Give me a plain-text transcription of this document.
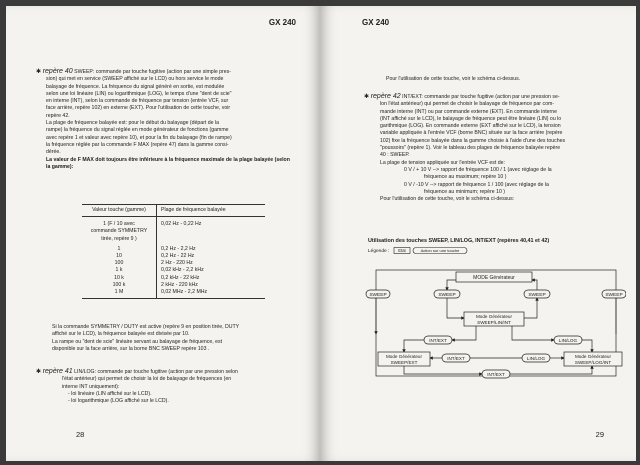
GX 240

✱ repère 40 SWEEP: commande par touche fugitive (action par une simple pres-

sion) qui met en service (SWEEP affiché sur le LCD) ou hors service le mode

balayage de fréquence. La fréquence du signal généré en sortie, est modulée

selon une loi linéaire (LIN) ou logarithmique (LOG), le temps d'une "dent de scie"

en interne (INT), selon la commande de fréquence par tension (entrée VCF, sur

face arrière, repère 102) en externe (EXT). Pour l'utilisation de cette touche, voir

repère 42.

La plage de fréquence balayée est: pour le début du balayage (départ de la

rampe) la fréquence du signal réglée en mode générateur de fonctions (gamme

avec repère 1 et valeur avec repère 10), et pour la fin du balayage (fin de rampe)

la fréquence réglée par la commande F MAX (repère 47) dans la gamme consi-

dérée.

La valeur de F MAX doit toujours être inférieure à la fréquence maximale de la plage balayée (selon la gamme):

Valeur touche (gamme)	Plage de fréquence balayée
1 (F / 10 avec	0,02 Hz - 0,22 Hz
commande SYMMETRY	
tirée, repère 9 )	
1	0,2 Hz - 2,2 Hz
10	0,2 Hz - 22 Hz
100	2 Hz - 220 Hz
1 k	0,02 kHz - 2,2 kHz
10 k	0,2 kHz - 22 kHz
100 k	2 kHz - 220 kHz
1 M	0,02 MHz - 2,2 MHz

Si la commande SYMMETRY / DUTY est active (repère 9 en position tirée, DUTY

affiché sur le LCD), la fréquence balayée est divisée par 10.

La rampe ou "dent de scie" linéaire servant au balayage de fréquence, est

disponible sur la face arrière, sur la borne BNC SWEEP repère 103 .

✱ repère 41 LIN/LOG: commande par touche fugitive (action par une pression selon

l'état antérieur) qui permet de choisir la loi de balayage de fréquences (en

interne INT uniquement):

- loi linéaire (LIN affiché sur le LCD).

- loi logarithmique (LOG affiché sur le LCD).

28
GX 240
Pour l'utilisation de cette touche, voir le schéma ci-dessus.

✱ repère 42 INT/EXT: commande par touche fugitive (action par une pression se-

lon l'état antérieur) qui permet de choisir le balayage de fréquence par com-

mande interne (INT) ou par commande externe (EXT). En commande interne

(INT affiché sur le LCD), le balayage de fréquence peut être linéaire (LIN) ou lo

garithmique (LOG). En commande externe (EXT affiché sur le LCD), la tension

variable appliquée à l'entrée VCF (borne BNC) située sur la face arrière (repère

102) fixe la fréquence balayée dans la gamme choisie à l'aide d'une des touches

"poussoirs" (repère 1). Voir le tableau des plages de fréquence balayée repère

40 : SWEEP.

La plage de tension appliquée sur l'entrée VCF est de:

0 V / + 10 V --> rapport de fréquence 100 / 1 (avec réglage de la

fréquence au maximum; repère 10 )

0 V / -10 V --> rapport de fréquence 1 / 100 (avec réglage de la

fréquence au minimum; repère 10 )

Pour l'utilisation de cette touche, voir le schéma ci-dessus:

Utilisation des touches SWEEP, LIN/LOG, INT/EXT (repères 40,41 et 42)
Légende : Etat	Action sur une touche
MODE Générateur
SWEEP	SWEEP	SWEEP	SWEEP
Mode Générateur
SWEEP/LIN/INT
INT/EXT	LIN/LOG
INT/EXT	LIN/LOG
INT/EXT
Mode Générateur
SWEEP/EXT
Mode Générateur
SWEEP/LOG/INT
29
